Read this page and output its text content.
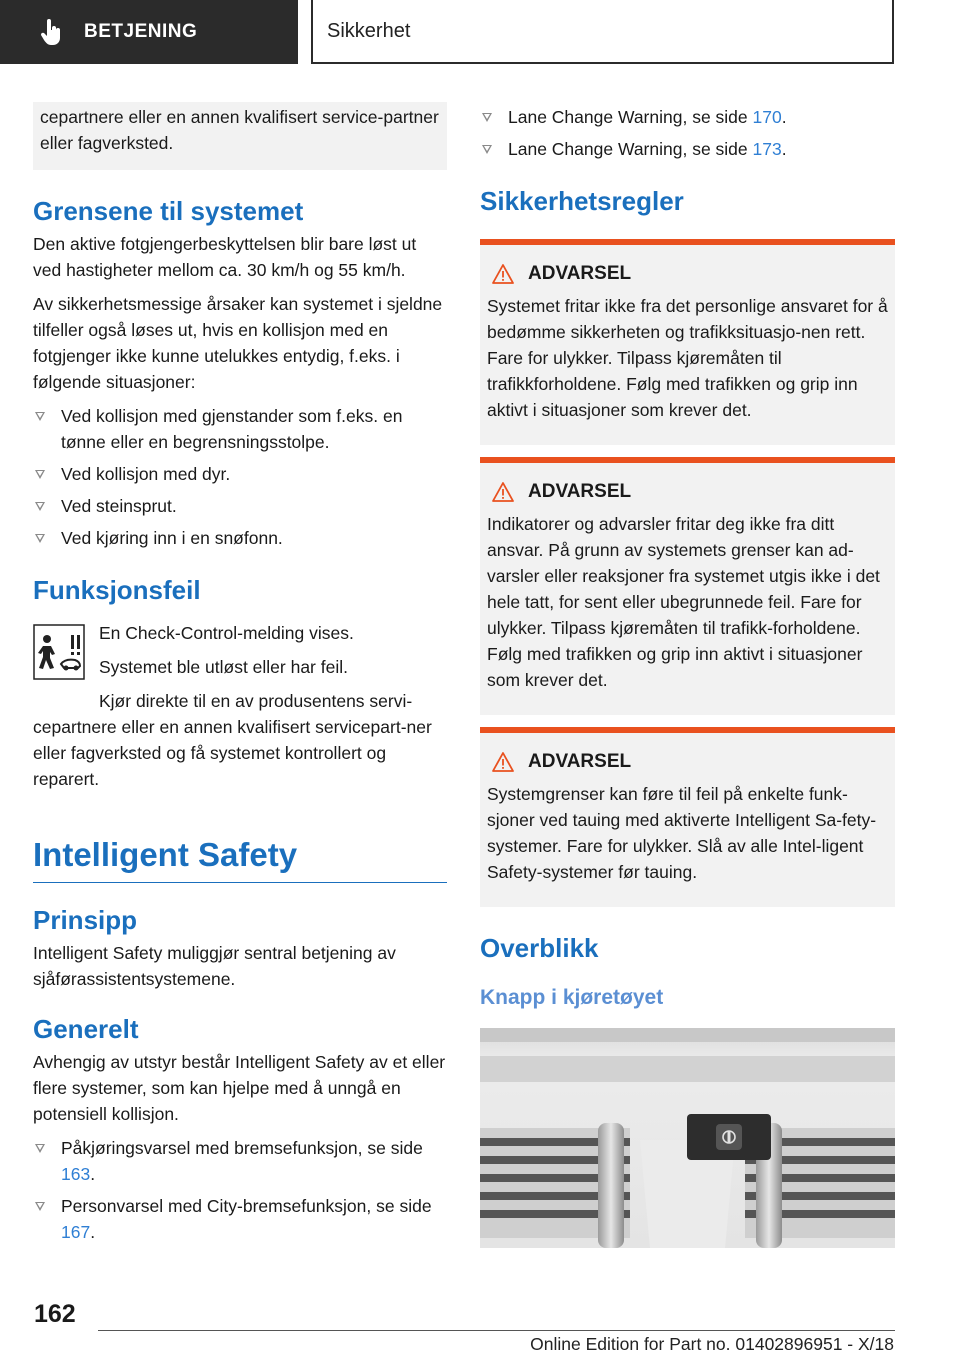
BETJENING	Sikkerhet

cepartnere eller en annen kvalifisert service-partner eller fagverksted.

Grensene til systemet

Den aktive fotgjengerbeskyttelsen blir bare løst ut ved hastigheter mellom ca. 30 km/h og 55 km/h.

Av sikkerhetsmessige årsaker kan systemet i sjeldne tilfeller også løses ut, hvis en kollisjon med en fotgjenger ikke kunne utelukkes entydig, f.eks. i følgende situasjoner:

Ved kollisjon med gjenstander som f.eks. en tønne eller en begrensningsstolpe.
Ved kollisjon med dyr.
Ved steinsprut.
Ved kjøring inn i en snøfonn.
Funksjonsfeil

En Check-Control-melding vises.

Systemet ble utløst eller har feil.

Kjør direkte til en av produsentens servi-cepartnere eller en annen kvalifisert servicepart-ner eller fagverksted og få systemet kontrollert og reparert.

Intelligent Safety
Prinsipp

Intelligent Safety muliggjør sentral betjening av sjåførassistentsystemene.

Generelt

Avhengig av utstyr består Intelligent Safety av et eller flere systemer, som kan hjelpe med å unngå en potensiell kollisjon.

Påkjøringsvarsel med bremsefunksjon, se side 163.
Personvarsel med City-bremsefunksjon, se side 167.
Lane Change Warning, se side 170.
Lane Change Warning, se side 173.
Sikkerhetsregler
ADVARSEL

Systemet fritar ikke fra det personlige ansvaret for å bedømme sikkerheten og trafikksituasjo-nen rett. Fare for ulykker. Tilpass kjøremåten til trafikkforholdene. Følg med trafikken og grip inn aktivt i situasjoner som krever det.

ADVARSEL

Indikatorer og advarsler fritar deg ikke fra ditt ansvar. På grunn av systemets grenser kan ad-varsler eller reaksjoner fra systemet utgis ikke i det hele tatt, for sent eller ubegrunnede feil. Fare for ulykker. Tilpass kjøremåten til trafikk-forholdene. Følg med trafikken og grip inn aktivt i situasjoner som krever det.

ADVARSEL

Systemgrenser kan føre til feil på enkelte funk-sjoner ved tauing med aktiverte Intelligent Sa-fety-systemer. Fare for ulykker. Slå av alle Intel-ligent Safety-systemer før tauing.

Overblikk
Knapp i kjøretøyet
162
Online Edition for Part no. 01402896951 - X/18
